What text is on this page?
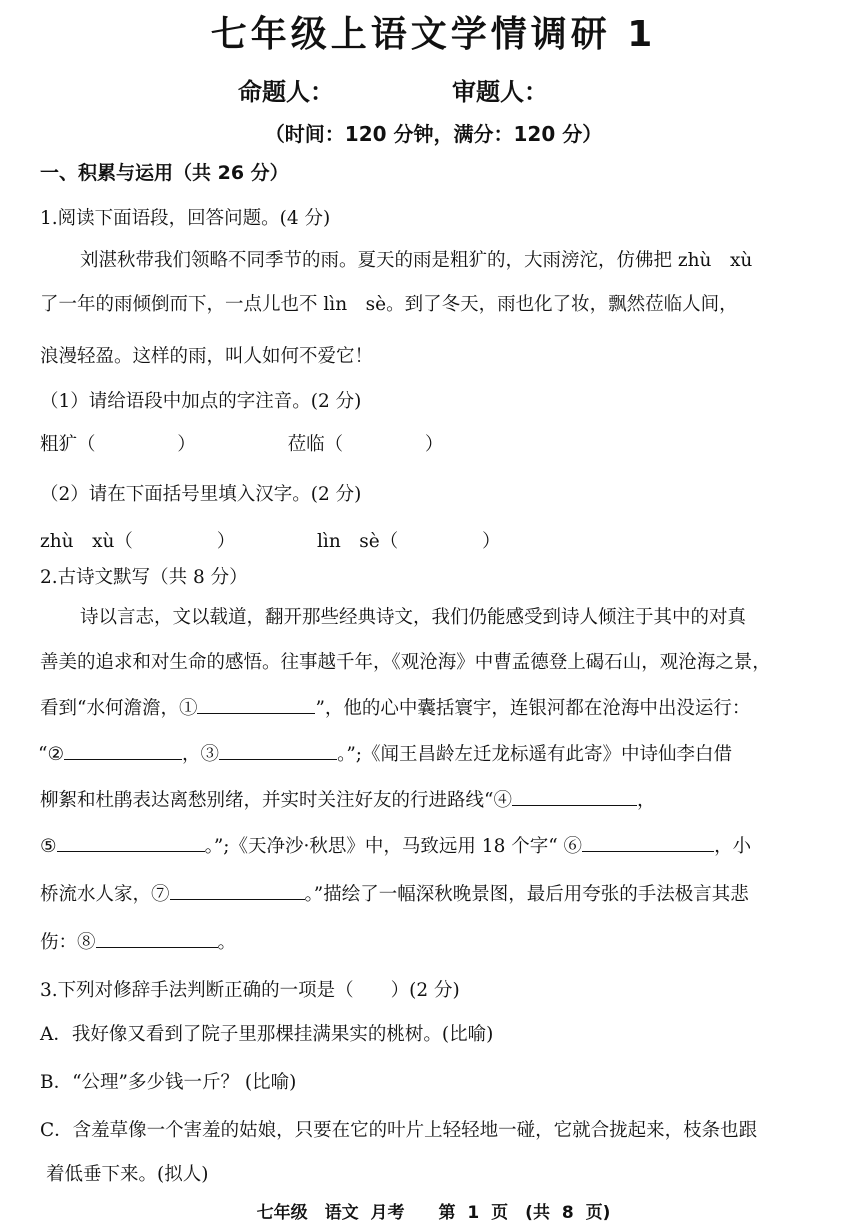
七年级上语文学情调研 1
命题人：	审题人：
（时间：120 分钟，满分：120 分）
一、积累与运用（共 26 分）
1.阅读下面语段，回答问题。(4 分)
刘湛秋带我们领略不同季节的雨。夏天的雨是粗犷的，大雨滂沱，仿佛把 zhù　xù
了一年的雨倾倒而下，一点儿也不 lìn　sè。到了冬天，雨也化了妆，飘然莅临人间，
浪漫轻盈。这样的雨，叫人如何不爱它！
（1）请给语段中加点的字注音。(2 分)
粗犷（	）	莅临（	）
（2）请在下面括号里填入汉字。(2 分)
zhù　xù（	）	lìn　sè（	）
2.古诗文默写（共 8 分）
诗以言志，文以载道，翻开那些经典诗文，我们仍能感受到诗人倾注于其中的对真
善美的追求和对生命的感悟。往事越千年，《观沧海》中曹孟德登上碣石山，观沧海之景，
看到“水何澹澹，①	”，他的心中囊括寰宇，连银河都在沧海中出没运行：
“②	，③	。”;《闻王昌龄左迁龙标遥有此寄》中诗仙李白借
柳絮和杜鹃表达离愁别绪，并实时关注好友的行进路线“④	，
⑤	。”;《天净沙·秋思》中，马致远用 18 个字“ ⑥	，小
桥流水人家，⑦	。”描绘了一幅深秋晚景图，最后用夸张的手法极言其悲
伤：⑧	。
3.下列对修辞手法判断正确的一项是（　　）(2 分)
A．我好像又看到了院子里那棵挂满果实的桃树。(比喻)
B．“公理”多少钱一斤？ (比喻)
C．含羞草像一个害羞的姑娘，只要在它的叶片上轻轻地一碰，它就合拢起来，枝条也跟
着低垂下来。(拟人)
七年级　语文 月考　　第 1 页　(共 8 页)
